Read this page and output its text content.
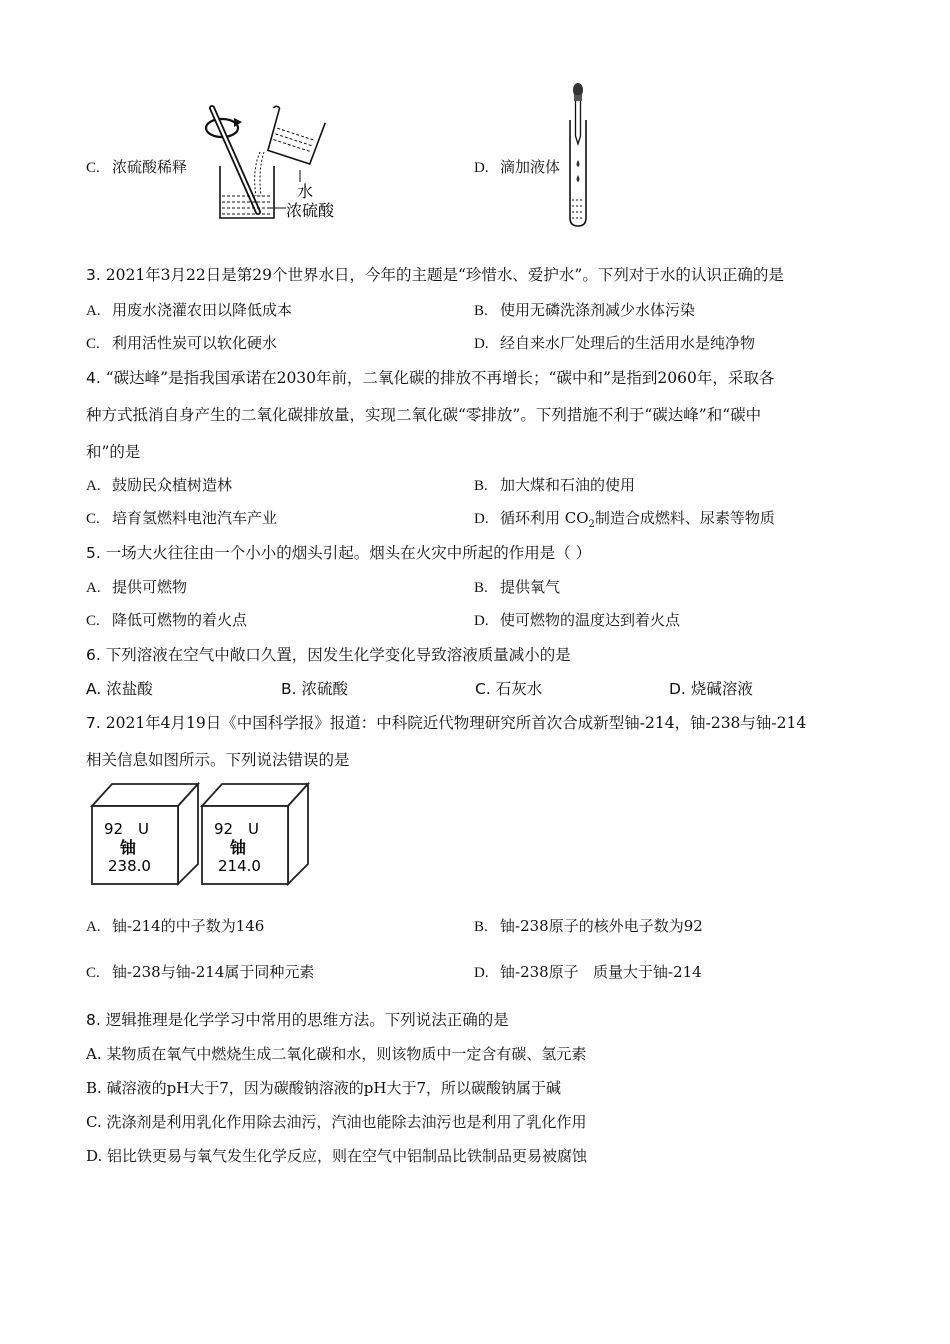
C. 浓硫酸稀释
水
浓硫酸
D. 滴加液体
3. 2021年3月22日是第29个世界水日，今年的主题是“珍惜水、爱护水”。下列对于水的认识正确的是
A. 用废水浇灌农田以降低成本	B. 使用无磷洗涤剂减少水体污染
C. 利用活性炭可以软化硬水	D. 经自来水厂处理后的生活用水是纯净物
4. “碳达峰”是指我国承诺在2030年前，二氧化碳的排放不再增长；“碳中和”是指到2060年，采取各
种方式抵消自身产生的二氧化碳排放量，实现二氧化碳“零排放”。下列措施不利于“碳达峰”和“碳中
和”的是
A. 鼓励民众植树造林	B. 加大煤和石油的使用
C. 培育氢燃料电池汽车产业	D. 循环利用 $CO_2$制造合成燃料、尿素等物质
5. 一场大火往往由一个小小的烟头引起。烟头在火灾中所起的作用是（ ）
A. 提供可燃物	B. 提供氧气
C. 降低可燃物的着火点	D. 使可燃物的温度达到着火点
6. 下列溶液在空气中敞口久置，因发生化学变化导致溶液质量减小的是
A. 浓盐酸	B. 浓硫酸	C. 石灰水	D. 烧碱溶液
7. 2021年4月19日《中国科学报》报道：中科院近代物理研究所首次合成新型铀-214，铀-238与铀-214
相关信息如图所示。下列说法错误的是
92 U
铀
238.0
92 U
铀
214.0
A. 铀-214的中子数为146	B. 铀-238原子的核外电子数为92
C. 铀-238与铀-214属于同种元素	D. 铀-238原子   质量大于铀-214
8. 逻辑推理是化学学习中常用的思维方法。下列说法正确的是
A. 某物质在氧气中燃烧生成二氧化碳和水，则该物质中一定含有碳、氢元素
B. 碱溶液的pH大于7，因为碳酸钠溶液的pH大于7，所以碳酸钠属于碱
C. 洗涤剂是利用乳化作用除去油污，汽油也能除去油污也是利用了乳化作用
D. 铝比铁更易与氧气发生化学反应，则在空气中铝制品比铁制品更易被腐蚀
